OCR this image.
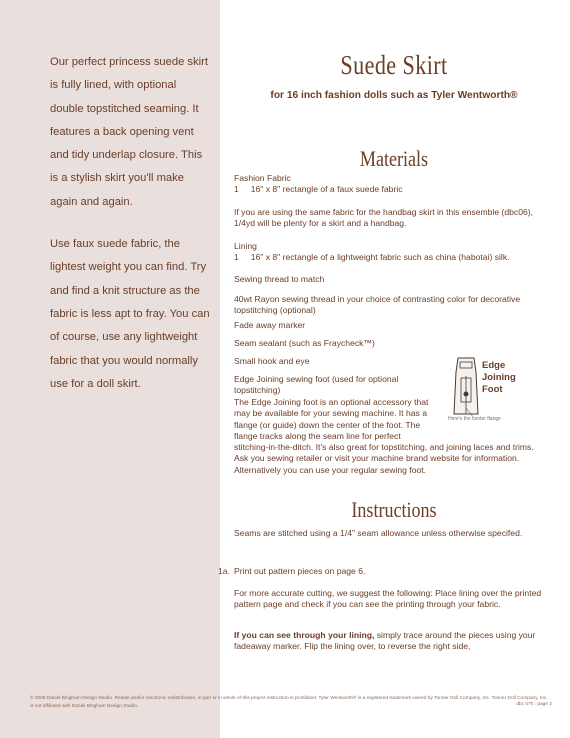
Our perfect princess suede skirt is fully lined, with optional double topstitched seaming. It features a back opening vent and tidy underlap closure. This is a stylish skirt you'll make again and again.

Use faux suede fabric, the lightest weight you can find. Try and find a knit structure as the fabric is less apt to fray. You can of course, use any lightweight fabric that you would normally use for a doll skirt.

Suede Skirt
for 16 inch fashion dolls such as Tyler Wentworth®
Materials
Fashion Fabric
1     16" x 8" rectangle of a faux suede fabric
If you are using the same fabric for the handbag skirt in this ensemble (dbc06), 1/4yd will be plenty for a skirt and a handbag.
Lining
1     16" x 8" rectangle of a lightweight fabric such as china (habotai) silk.
Sewing thread to match
40wt Rayon sewing thread in your choice of contrasting color for decorative topstitching (optional)
Fade away marker
Seam sealant (such as Fraycheck™)
Small hook and eye
Edge Joining sewing foot (used for optional topstitching)
The Edge Joining foot is an optional accessory that may be available for your sewing machine. It has a flange (or guide) down the center of the foot. The flange tracks along the seam line for perfect stitching-in-the-ditch. It's also great for topstitching, and joining laces and trims. Ask you sewing retailer or visit your machine brand website for information. Alternatively you can use your regular sewing foot.
Edge
Joining
Foot
Here's the center flange
Instructions
Seams are stitched using a 1/4" seam allowance unless otherwise specifed.
1a. Print out pattern pieces on page 6.
For more accurate cutting, we suggest the following: Place lining over the printed pattern page and check if you can see the printing through your fabric.
If you can see through your lining, simply trace around the pieces using your fadeaway marker. Flip the lining over, to reverse the right side,
© 2006 Daniel Bingham Design Studio. Resale and/or electronic redistribution, in part or in whole of this project instruction is prohibited. Tyler Wentworth® is a registered trademark owned by Tonner Doll Company, Inc. Tonner Doll Company, Inc. is not affiliated with Daniel Bingham Design Studio.	dbc 07h : page 2
